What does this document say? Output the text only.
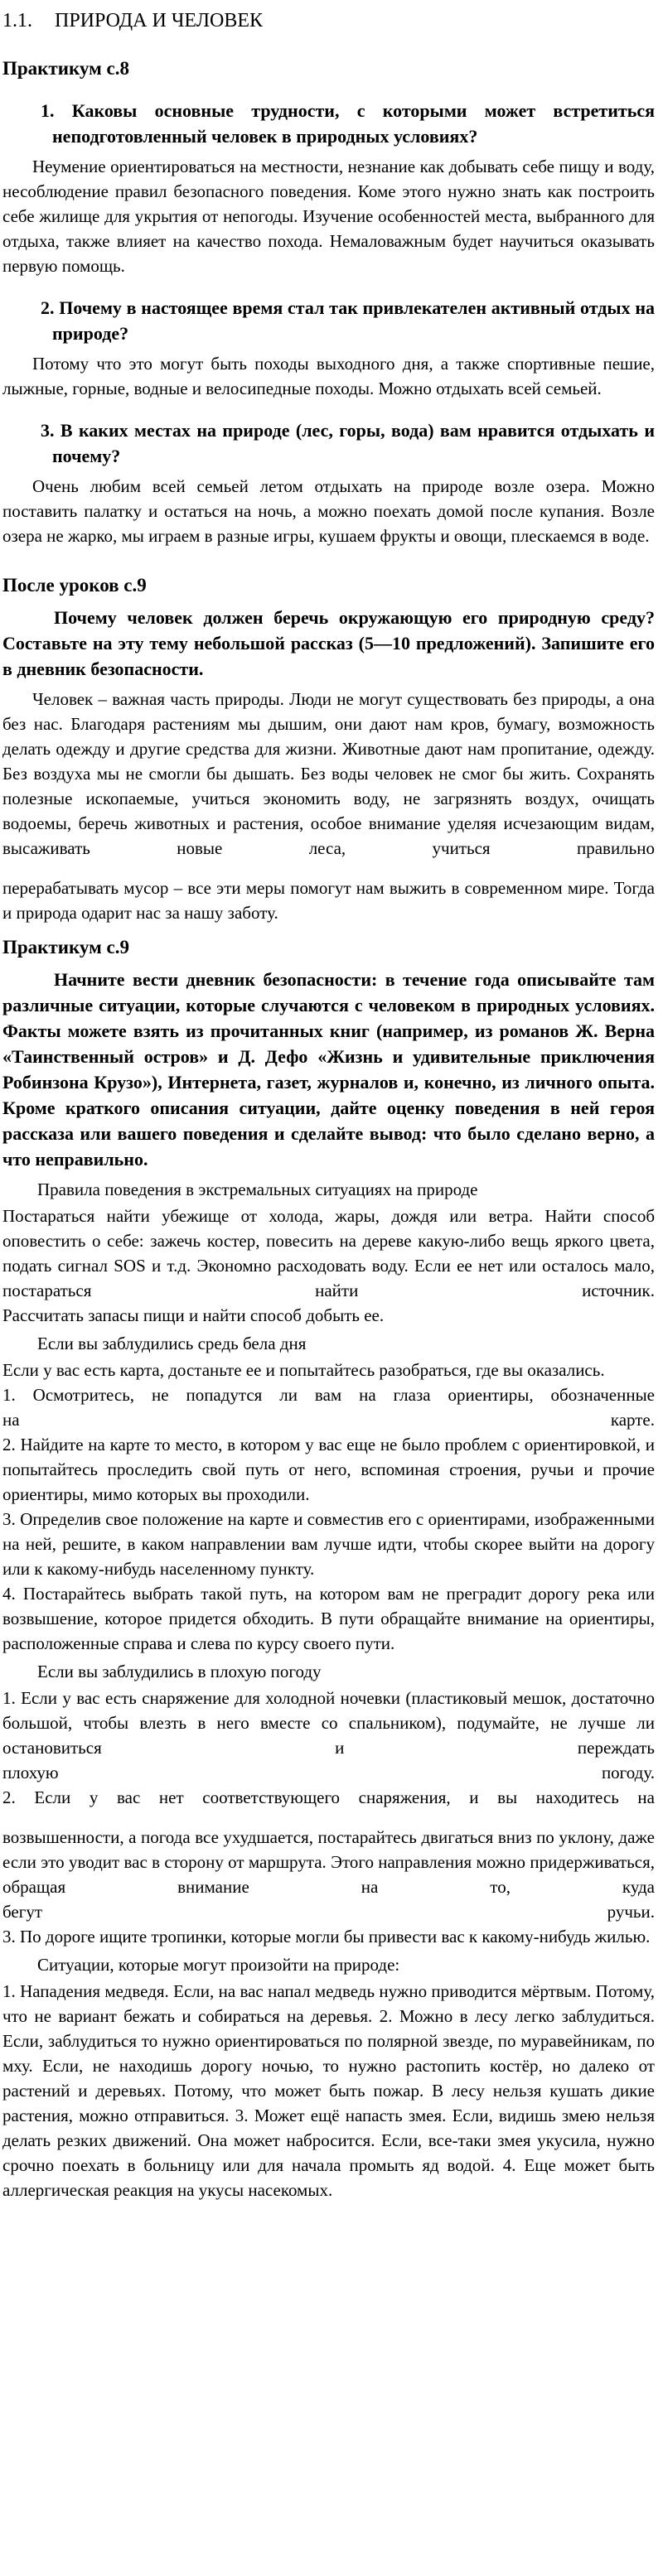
1.1. ПРИРОДА И ЧЕЛОВЕК
Практикум с.8
1. Каковы основные трудности, с которыми может встретиться неподготовленный человек в природных условиях?
Неумение ориентироваться на местности, незнание как добывать себе пищу и воду, несоблюдение правил безопасного поведения. Коме этого нужно знать как построить себе жилище для укрытия от непогоды. Изучение особенностей места, выбранного для отдыха, также влияет на качество похода. Немаловажным будет научиться оказывать первую помощь.
2. Почему в настоящее время стал так привлекателен активный отдых на природе?
Потому что это могут быть походы выходного дня, а также спортивные пешие, лыжные, горные, водные и велосипедные походы. Можно отдыхать всей семьей.
3. В каких местах на природе (лес, горы, вода) вам нравится отдыхать и почему?
Очень любим всей семьей летом отдыхать на природе возле озера. Можно поставить палатку и остаться на ночь, а можно поехать домой после купания. Возле озера не жарко, мы играем в разные игры, кушаем фрукты и овощи, плескаемся в воде.
После уроков с.9
Почему человек должен беречь окружающую его природную среду? Составьте на эту тему небольшой рассказ (5—10 предложений). Запишите его в дневник безопасности.
Человек – важная часть природы. Люди не могут существовать без природы, а она без нас. Благодаря растениям мы дышим, они дают нам кров, бумагу, возможность делать одежду и другие средства для жизни. Животные дают нам пропитание, одежду. Без воздуха мы не смогли бы дышать. Без воды человек не смог бы жить. Сохранять полезные ископаемые, учиться экономить воду, не загрязнять воздух, очищать водоемы, беречь животных и растения, особое внимание уделяя исчезающим видам, высаживать новые леса, учиться правильно
перерабатывать мусор – все эти меры помогут нам выжить в современном мире. Тогда и природа одарит нас за нашу заботу.
Практикум с.9
Начните вести дневник безопасности: в течение года описывайте там различные ситуации, которые случаются с человеком в природных условиях. Факты можете взять из прочитанных книг (например, из романов Ж. Верна «Таинственный остров» и Д. Дефо «Жизнь и удивительные приключения Робинзона Крузо»), Интернета, газет, журналов и, конечно, из личного опыта. Кроме краткого описания ситуации, дайте оценку поведения в ней героя рассказа или вашего поведения и сделайте вывод: что было сделано верно, а что неправильно.
Правила поведения в экстремальных ситуациях на природе
Постараться найти убежище от холода, жары, дождя или ветра. Найти способ оповестить о себе: зажечь костер, повесить на дереве какую-либо вещь яркого цвета, подать сигнал SOS и т.д. Экономно расходовать воду. Если ее нет или осталось мало,
постараться	найти	источник.
Рассчитать запасы пищи и найти способ добыть ее.
Если вы заблудились средь бела дня
Если у вас есть карта, достаньте ее и попытайтесь разобраться, где вы оказались.
1. Осмотритесь, не попадутся ли вам на глаза ориентиры, обозначенные
на	карте.
2. Найдите на карте то место, в котором у вас еще не было проблем с ориентировкой, и попытайтесь проследить свой путь от него, вспоминая строения, ручьи и прочие ориентиры, мимо которых вы проходили.
3. Определив свое положение на карте и совместив его с ориентирами, изображенными на ней, решите, в каком направлении вам лучше идти, чтобы скорее выйти на дорогу или к какому-нибудь населенному пункту.
4. Постарайтесь выбрать такой путь, на котором вам не преградит дорогу река или возвышение, которое придется обходить. В пути обращайте внимание на ориентиры, расположенные справа и слева по курсу своего пути.
Если вы заблудились в плохую погоду
1. Если у вас есть снаряжение для холодной ночевки (пластиковый мешок, достаточно большой, чтобы влезть в него вместе со спальником), подумайте, не лучше ли остановиться и переждать
плохую	погоду.
2. Если у вас нет соответствующего снаряжения, и вы находитесь на
возвышенности, а погода все ухудшается, постарайтесь двигаться вниз по уклону, даже если это уводит вас в сторону от маршрута. Этого направления можно придерживаться, обращая внимание на то, куда
бегут	ручьи.
3. По дороге ищите тропинки, которые могли бы привести вас к какому-нибудь жилью.
Ситуации, которые могут произойти на природе:
1. Нападения медведя. Если, на вас напал медведь нужно приводится мёртвым. Потому, что не вариант бежать и собираться на деревья. 2. Можно в лесу легко заблудиться. Если, заблудиться то нужно ориентироваться по полярной звезде, по муравейникам, по мху. Если, не находишь дорогу ночью, то нужно растопить костёр, но далеко от растений и деревьях. Потому, что может быть пожар. В лесу нельзя кушать дикие растения, можно отправиться. 3. Может ещё напасть змея. Если, видишь змею нельзя делать резких движений. Она может набросится. Если, все-таки змея укусила, нужно срочно поехать в больницу или для начала промыть яд водой. 4. Еще может быть аллергическая реакция на укусы насекомых.
